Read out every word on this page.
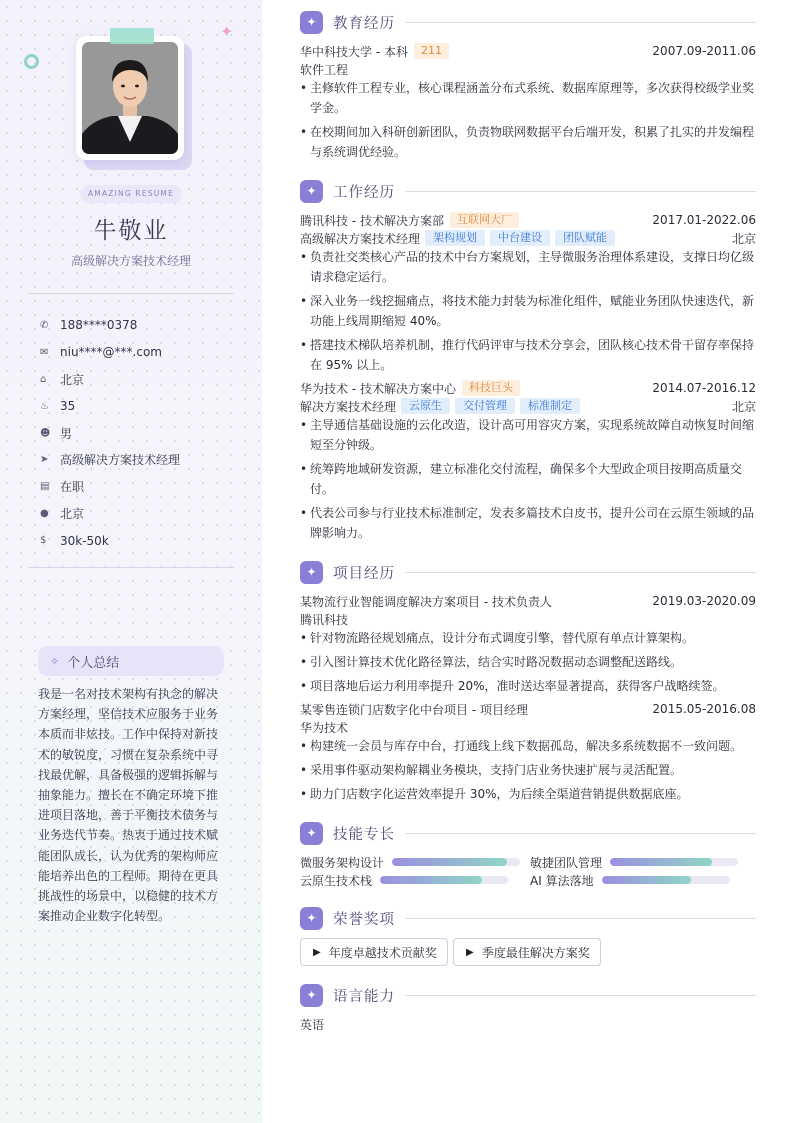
✦
AMAZING RESUME
牛敬业
高级解决方案技术经理
✆ 188****0378
✉ niu****@***.com
⌂	北京
♨ 35
☻ 男
➤ 高级解决方案技术经理
▤ 在职
● 北京
$	30k-50k
✧ 个人总结
我是一名对技术架构有执念的解决方案经理，坚信技术应服务于业务本质而非炫技。工作中保持对新技术的敏锐度，习惯在复杂系统中寻找最优解，具备极强的逻辑拆解与抽象能力。擅长在不确定环境下推进项目落地，善于平衡技术债务与业务迭代节奏。热衷于通过技术赋能团队成长，认为优秀的架构师应能培养出色的工程师。期待在更具挑战性的场景中，以稳健的技术方案推动企业数字化转型。
✦	教育经历
华中科技大学 - 本科	211	2007.09-2011.06
软件工程
• 主修软件工程专业，核心课程涵盖分布式系统、数据库原理等，多次获得校级学业奖学金。
• 在校期间加入科研创新团队，负责物联网数据平台后端开发，积累了扎实的并发编程与系统调优经验。
✦	工作经历
腾讯科技 - 技术解决方案部	互联网大厂	2017.01-2022.06
高级解决方案技术经理	架构规划	中台建设	团队赋能	北京
• 负责社交类核心产品的技术中台方案规划，主导微服务治理体系建设，支撑日均亿级请求稳定运行。
• 深入业务一线挖掘痛点，将技术能力封装为标准化组件，赋能业务团队快速迭代，新功能上线周期缩短 40%。
• 搭建技术梯队培养机制，推行代码评审与技术分享会，团队核心技术骨干留存率保持在 95% 以上。
华为技术 - 技术解决方案中心	科技巨头	2014.07-2016.12
解决方案技术经理	云原生	交付管理	标准制定	北京
• 主导通信基础设施的云化改造，设计高可用容灾方案，实现系统故障自动恢复时间缩短至分钟级。
• 统筹跨地域研发资源，建立标准化交付流程，确保多个大型政企项目按期高质量交付。
• 代表公司参与行业技术标准制定，发表多篇技术白皮书，提升公司在云原生领域的品牌影响力。
✦	项目经历
某物流行业智能调度解决方案项目 - 技术负责人	2019.03-2020.09
腾讯科技
• 针对物流路径规划痛点，设计分布式调度引擎，替代原有单点计算架构。
• 引入图计算技术优化路径算法，结合实时路况数据动态调整配送路线。
• 项目落地后运力利用率提升 20%，准时送达率显著提高，获得客户战略续签。
某零售连锁门店数字化中台项目 - 项目经理	2015.05-2016.08
华为技术
• 构建统一会员与库存中台，打通线上线下数据孤岛，解决多系统数据不一致问题。
• 采用事件驱动架构解耦业务模块，支持门店业务快速扩展与灵活配置。
• 助力门店数字化运营效率提升 30%，为后续全渠道营销提供数据底座。
✦	技能专长
微服务架构设计	敏捷团队管理
云原生技术栈	AI 算法落地
✦	荣誉奖项
▶ 年度卓越技术贡献奖	▶ 季度最佳解决方案奖
✦	语言能力
英语
